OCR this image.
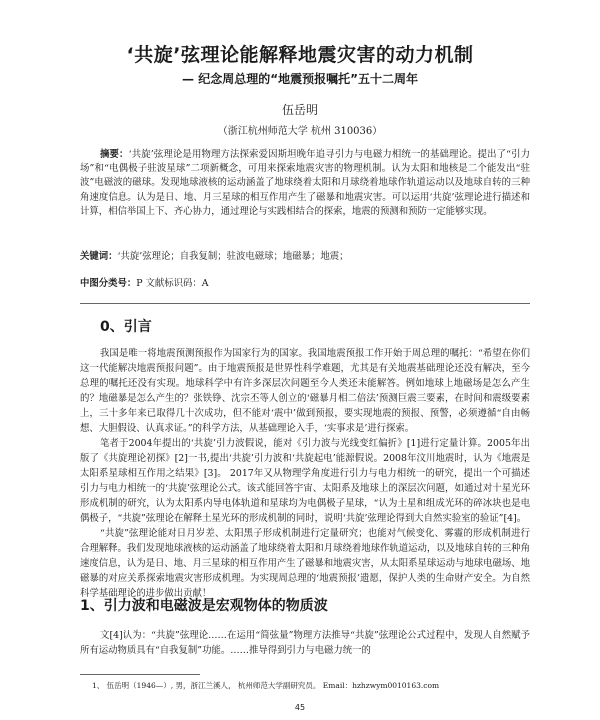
‘共旋’弦理论能解释地震灾害的动力机制
— 纪念周总理的“地震预报嘱托”五十二周年
伍岳明
（浙江杭州师范大学 杭州 310036）
摘要：‘共旋’弦理论是用物理方法探索爱因斯坦晚年追寻引力与电磁力相统一的基础理论。提出了“引力场”和“电偶极子驻波星球”二项新概念，可用来探索地震灾害的物理机制。认为太阳和地核是二个能发出“驻波”电磁波的磁球。发现地球液核的运动涵盖了地球绕着太阳和月球绕着地球作轨道运动以及地球自转的三种角速度信息。认为是日、地、月三星球的相互作用产生了磁暴和地震灾害。可以运用‘共旋’弦理论进行描述和计算，相信举国上下、齐心协力，通过理论与实践相结合的探索，地震的预测和预防一定能够实现。
关键词：‘共旋’弦理论；自我复制；驻波电磁球；地磁暴；地震；
中图分类号：P 文献标识码：A
0、引言

我国是唯一将地震预测预报作为国家行为的国家。我国地震预报工作开始于周总理的嘱托：“希望在你们这一代能解决地震预报问题”。由于地震预报是世界性科学难题，尤其是有关地震基础理论还没有解决，至今总理的嘱托还没有实现。地球科学中有许多深层次问题至今人类还未能解答。例如地球上地磁场是怎么产生的？地磁暴是怎么产生的？张铁铮、沈宗丕等人创立的‘磁暴月相二倍法’预测巨震三要素，在时间和震级要素上，三十多年来已取得几十次成功，但不能对‘震中’做到预报，要实现地震的预报、预警，必须遵循“自由畅想、大胆假设、认真求证。”的科学方法，从基础理论入手，‘实事求是’进行探索。

笔者于2004年提出的‘共旋’引力波假说，能对《引力波与光线变红偏折》[1]进行定量计算。2005年出版了《共旋理论初探》[2]一书,提出‘共旋’引力波和‘共旋起电’能源假说。2008年汶川地震时，认为《地震是太阳系星球相互作用之结果》[3]。 2017年又从物理学角度进行引力与电力相统一的研究，提出一个可描述引力与电力相统一的‘共旋’弦理论公式。该式能回答宇宙、太阳系及地球上的深层次问题，如通过对十星光环形成机制的研究，认为太阳系内导电体轨道和星球均为电偶极子星球，“认为土星和组成光环的碎冰块也是电偶极子，“共旋”弦理论在解释土星光环的形成机制的同时，说明‘共旋’弦理论得到大自然实验室的验证”[4]。

“共旋”弦理论能对日月岁差、太阳黑子形成机制进行定量研究；也能对气候变化、雾霾的形成机制进行合理解释。我们发现地球液核的运动涵盖了地球绕着太阳和月球绕着地球作轨道运动，以及地球自转的三种角速度信息，认为是日、地、月三星球的相互作用产生了磁暴和地震灾害，从太阳系星球运动与地球电磁场、地磁暴的对应关系探索地震灾害形成机理。为实现周总理的‘地震预报’遗愿，保护人类的生命财产安全。为自然科学基础理论的进步做出贡献！

1、引力波和电磁波是宏观物体的物质波

文[4]认为：“共旋”弦理论……在运用“简弦量”物理方法推导“共旋”弦理论公式过程中，发现人自然赋予所有运动物质具有“自我复制”功能。……推导得到引力与电磁力统一的

1、 伍岳明（1946—）, 男，浙江兰溪人， 杭州师范大学副研究员。 Email：hzhzwym0010163.com
45
